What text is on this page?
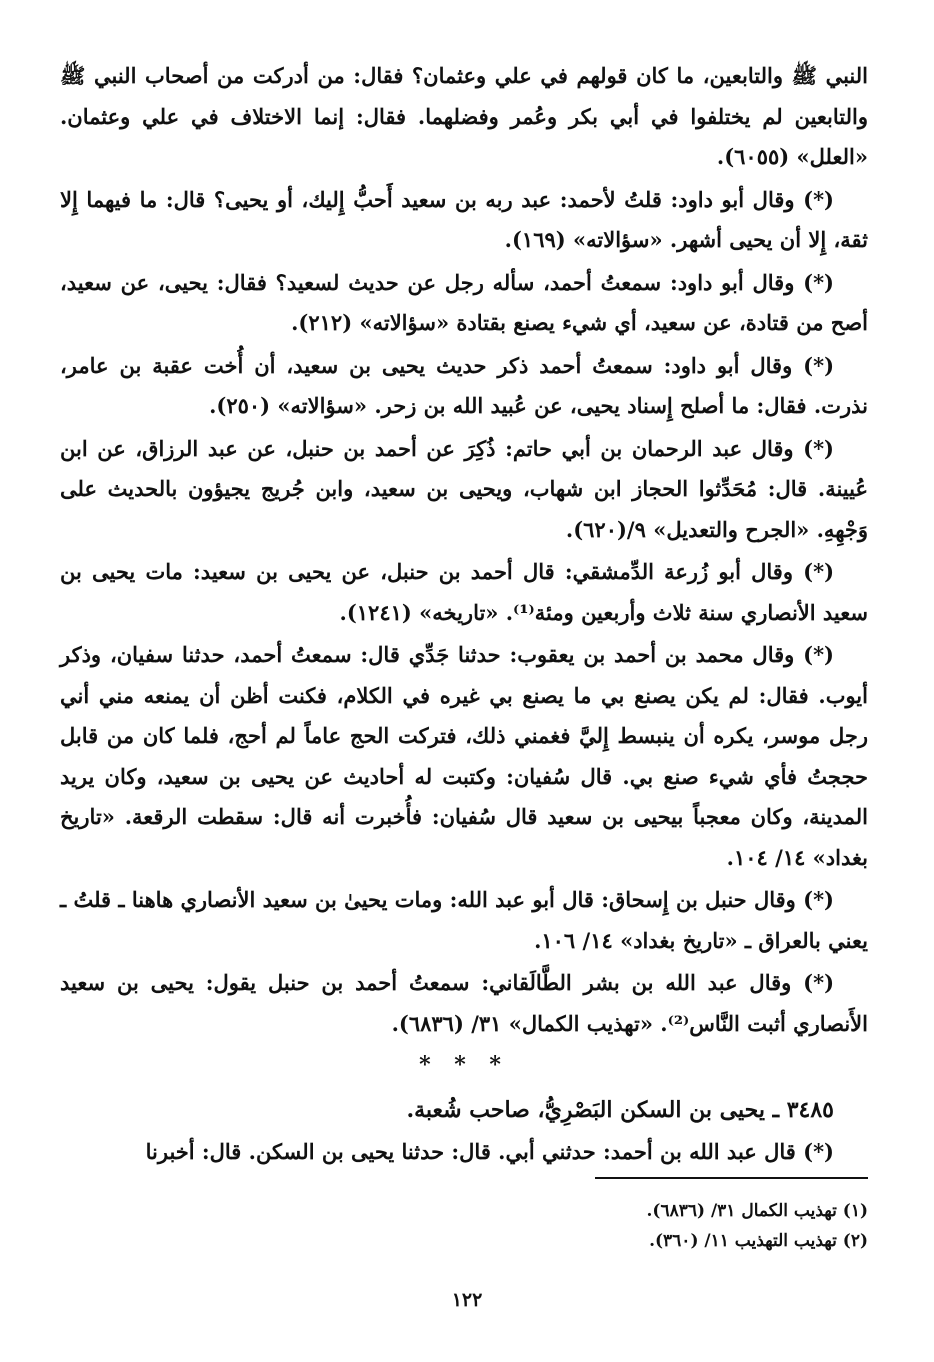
النبي ﷺ والتابعين، ما كان قولهم في علي وعثمان؟ فقال: من أدركت من أصحاب النبي ﷺ والتابعين لم يختلفوا في أبي بكر وعُمر وفضلهما. فقال: إنما الاختلاف في علي وعثمان. «العلل» (٦٠٥٥).

(*) وقال أبو داود: قلتُ لأحمد: عبد ربه بن سعيد أَحبُّ إِليك، أو يحيى؟ قال: ما فيهما إِلا ثقة، إِلا أن يحيى أشهر. «سؤالاته» (١٦٩).

(*) وقال أبو داود: سمعتُ أحمد، سأله رجل عن حديث لسعيد؟ فقال: يحيى، عن سعيد، أصح من قتادة، عن سعيد، أي شيء يصنع بقتادة «سؤالاته» (٢١٢).

(*) وقال أبو داود: سمعتُ أحمد ذكر حديث يحيى بن سعيد، أن أُخت عقبة بن عامر، نذرت. فقال: ما أصلح إِسناد يحيى، عن عُبيد الله بن زحر. «سؤالاته» (٢٥٠).

(*) وقال عبد الرحمان بن أبي حاتم: ذُكِرَ عن أحمد بن حنبل، عن عبد الرزاق، عن ابن عُيينة. قال: مُحَدِّثوا الحجاز ابن شهاب، ويحيى بن سعيد، وابن جُريج يجيؤون بالحديث على وَجْهِهِ. «الجرح والتعديل» ٩/(٦٢٠).

(*) وقال أبو زُرعة الدِّمشقي: قال أحمد بن حنبل، عن يحيى بن سعيد: مات يحيى بن سعيد الأنصاري سنة ثلاث وأربعين ومئة⁽¹⁾. «تاريخه» (١٢٤١).

(*) وقال محمد بن أحمد بن يعقوب: حدثنا جَدِّي قال: سمعتُ أحمد، حدثنا سفيان، وذكر أيوب. فقال: لم يكن يصنع بي ما يصنع بي غيره في الكلام، فكنت أظن أن يمنعه مني أني رجل موسر، يكره أن ينبسط إِليَّ فغمني ذلك، فتركت الحج عاماً لم أحج، فلما كان من قابل حججتُ فأي شيء صنع بي. قال سُفيان: وكتبت له أحاديث عن يحيى بن سعيد، وكان يريد المدينة، وكان معجباً بيحيى بن سعيد قال سُفيان: فأُخبرت أنه قال: سقطت الرقعة. «تاريخ بغداد» ١٤/ ١٠٤.

(*) وقال حنبل بن إِسحاق: قال أبو عبد الله: ومات يحيىٰ بن سعيد الأنصاري هاهنا ـ قلتُ ـ يعني بالعراق ـ «تاريخ بغداد» ١٤/ ١٠٦.

(*) وقال عبد الله بن بشر الطَّالَقاني: سمعتُ أحمد بن حنبل يقول: يحيى بن سعيد الأَنصاري أثبت النَّاس⁽²⁾. «تهذيب الكمال» ٣١/ (٦٨٣٦).

* * *

٣٤٨٥ ـ يحيى بن السكن البَصْرِيُّ، صاحب شُعبة.

(*) قال عبد الله بن أحمد: حدثني أبي. قال: حدثنا يحيى بن السكن. قال: أخبرنا

(١) تهذيب الكمال ٣١/ (٦٨٣٦).

(٢) تهذيب التهذيب ١١/ (٣٦٠).

١٢٢
